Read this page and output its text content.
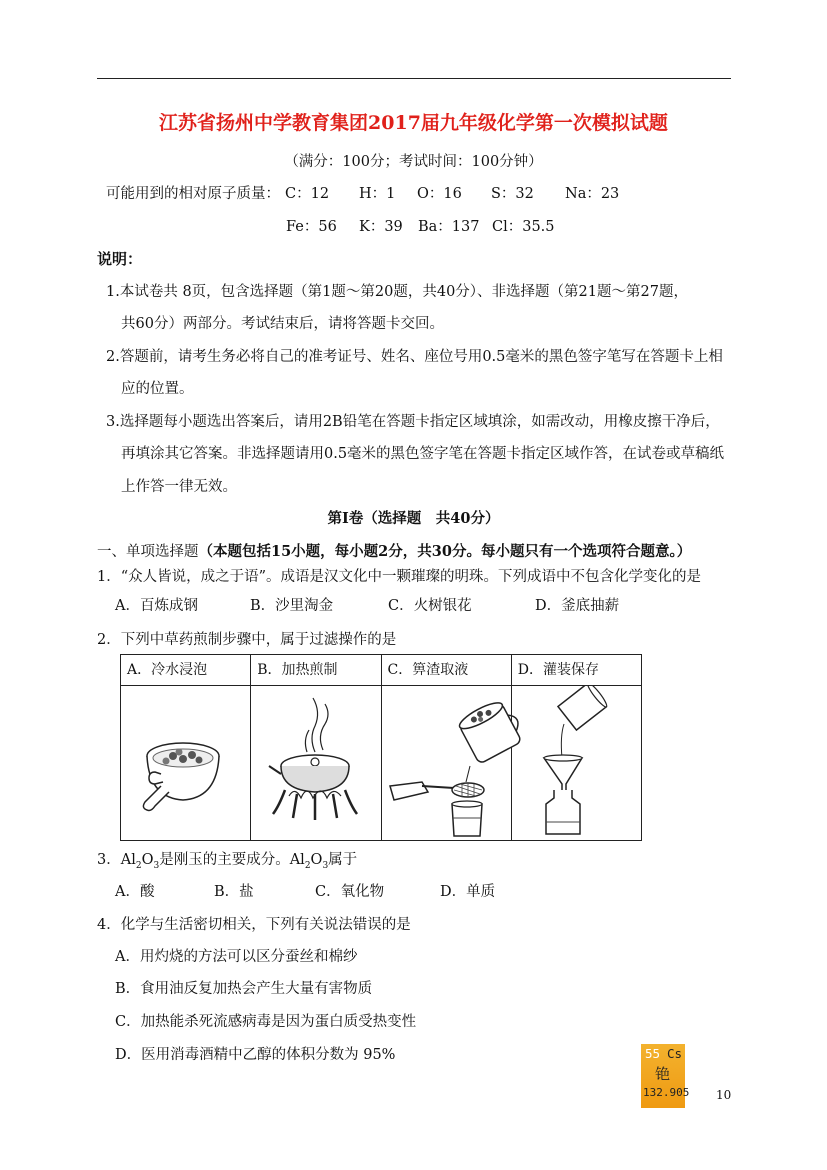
江苏省扬州中学教育集团2017届九年级化学第一次模拟试题
（满分：100分；考试时间：100分钟）
可能用到的相对原子质量： C：12 H：1 O：16 S：32 Na：23
Fe：56 K：39 Ba：137 Cl：35.5
说明：
1.本试卷共 8页，包含选择题（第1题～第20题，共40分）、非选择题（第21题～第27题，
共60分）两部分。考试结束后，请将答题卡交回。
2.答题前，请考生务必将自己的准考证号、姓名、座位号用0.5毫米的黑色签字笔写在答题卡上相
应的位置。
3.选择题每小题选出答案后，请用2B铅笔在答题卡指定区域填涂，如需改动，用橡皮擦干净后，
再填涂其它答案。非选择题请用0.5毫米的黑色签字笔在答题卡指定区域作答，在试卷或草稿纸
上作答一律无效。
第Ⅰ卷（选择题　共40分）
一、单项选择题（本题包括15小题，每小题2分，共30分。每小题只有一个选项符合题意。）
1．“众人皆说，成之于语”。成语是汉文化中一颗璀璨的明珠。下列成语中不包含化学变化的是
A．百炼成钢	B．沙里淘金	C．火树银花	D．釜底抽薪
2．下列中草药煎制步骤中，属于过滤操作的是
A．冷水浸泡	B．加热煎制	C．箅渣取液	D．灌装保存

3．$Al_2O_3$是刚玉的主要成分。$Al_2O_3$属于
A．酸	B．盐	C．氧化物	D．单质
4．化学与生活密切相关，下列有关说法错误的是
A．用灼烧的方法可以区分蚕丝和棉纱
B．食用油反复加热会产生大量有害物质
C．加热能杀死流感病毒是因为蛋白质受热变性
D．医用消毒酒精中乙醇的体积分数为 95%	55 Cs
铯
132.905 10
